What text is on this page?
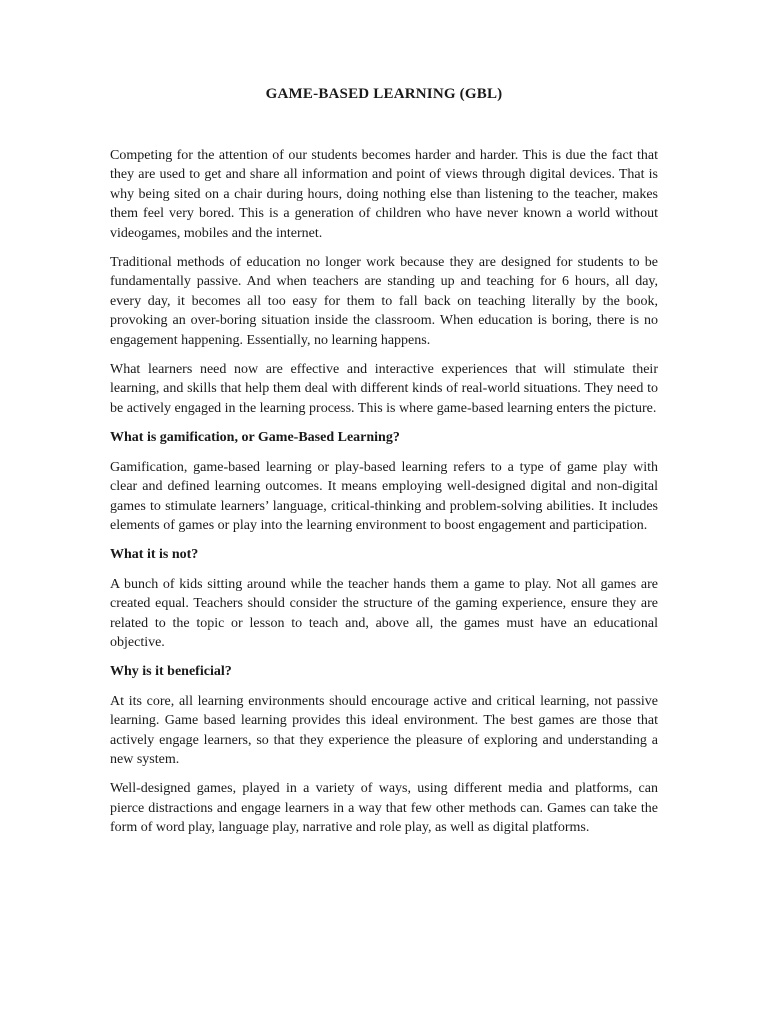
GAME-BASED LEARNING (GBL)

Competing for the attention of our students becomes harder and harder. This is due the fact that they are used to get and share all information and point of views through digital devices. That is why being sited on a chair during hours, doing nothing else than listening to the teacher, makes them feel very bored. This is a generation of children who have never known a world without videogames, mobiles and the internet.

Traditional methods of education no longer work because they are designed for students to be fundamentally passive. And when teachers are standing up and teaching for 6 hours, all day, every day, it becomes all too easy for them to fall back on teaching literally by the book, provoking an over-boring situation inside the classroom. When education is boring, there is no engagement happening. Essentially, no learning happens.

What learners need now are effective and interactive experiences that will stimulate their learning, and skills that help them deal with different kinds of real-world situations. They need to be actively engaged in the learning process. This is where game-based learning enters the picture.

What is gamification, or Game-Based Learning?

Gamification, game-based learning or play-based learning refers to a type of game play with clear and defined learning outcomes. It means employing well-designed digital and non-digital games to stimulate learners’ language, critical-thinking and problem-solving abilities. It includes elements of games or play into the learning environment to boost engagement and participation.

What it is not?

A bunch of kids sitting around while the teacher hands them a game to play. Not all games are created equal. Teachers should consider the structure of the gaming experience, ensure they are related to the topic or lesson to teach and, above all, the games must have an educational objective.

Why is it beneficial?

At its core, all learning environments should encourage active and critical learning, not passive learning. Game based learning provides this ideal environment. The best games are those that actively engage learners, so that they experience the pleasure of exploring and understanding a new system.

Well-designed games, played in a variety of ways, using different media and platforms, can pierce distractions and engage learners in a way that few other methods can. Games can take the form of word play, language play, narrative and role play, as well as digital platforms.
